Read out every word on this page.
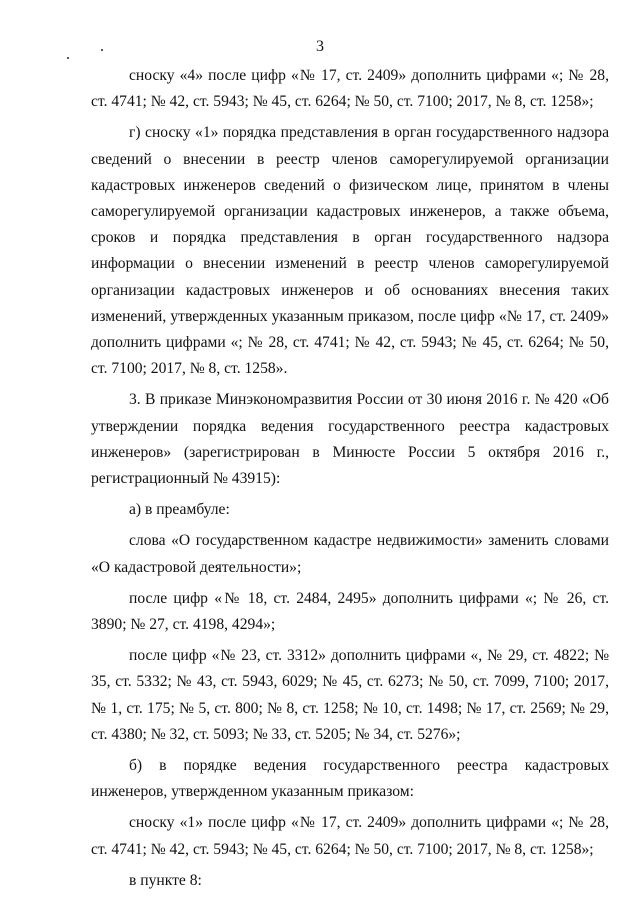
3

сноску «4» после цифр «№ 17, ст. 2409» дополнить цифрами «; № 28, ст. 4741; № 42, ст. 5943; № 45, ст. 6264; № 50, ст. 7100; 2017, № 8, ст. 1258»;

г) сноску «1» порядка представления в орган государственного надзора сведений о внесении в реестр членов саморегулируемой организации кадастровых инженеров сведений о физическом лице, принятом в члены саморегулируемой организации кадастровых инженеров, а также объема, сроков и порядка представления в орган государственного надзора информации о внесении изменений в реестр членов саморегулируемой организации кадастровых инженеров и об основаниях внесения таких изменений, утвержденных указанным приказом, после цифр «№ 17, ст. 2409» дополнить цифрами «; № 28, ст. 4741; № 42, ст. 5943; № 45, ст. 6264; № 50, ст. 7100; 2017, № 8, ст. 1258».

3. В приказе Минэкономразвития России от 30 июня 2016 г. № 420 «Об утверждении порядка ведения государственного реестра кадастровых инженеров» (зарегистрирован в Минюсте России 5 октября 2016 г., регистрационный № 43915):

а) в преамбуле:

слова «О государственном кадастре недвижимости» заменить словами «О кадастровой деятельности»;

после цифр «№ 18, ст. 2484, 2495» дополнить цифрами «; № 26, ст. 3890; № 27, ст. 4198, 4294»;

после цифр «№ 23, ст. 3312» дополнить цифрами «, № 29, ст. 4822; № 35, ст. 5332; № 43, ст. 5943, 6029; № 45, ст. 6273; № 50, ст. 7099, 7100; 2017, № 1, ст. 175; № 5, ст. 800; № 8, ст. 1258; № 10, ст. 1498; № 17, ст. 2569; № 29, ст. 4380; № 32, ст. 5093; № 33, ст. 5205; № 34, ст. 5276»;

б) в порядке ведения государственного реестра кадастровых инженеров, утвержденном указанным приказом:

сноску «1» после цифр «№ 17, ст. 2409» дополнить цифрами «; № 28, ст. 4741; № 42, ст. 5943; № 45, ст. 6264; № 50, ст. 7100; 2017, № 8, ст. 1258»;

в пункте 8:
